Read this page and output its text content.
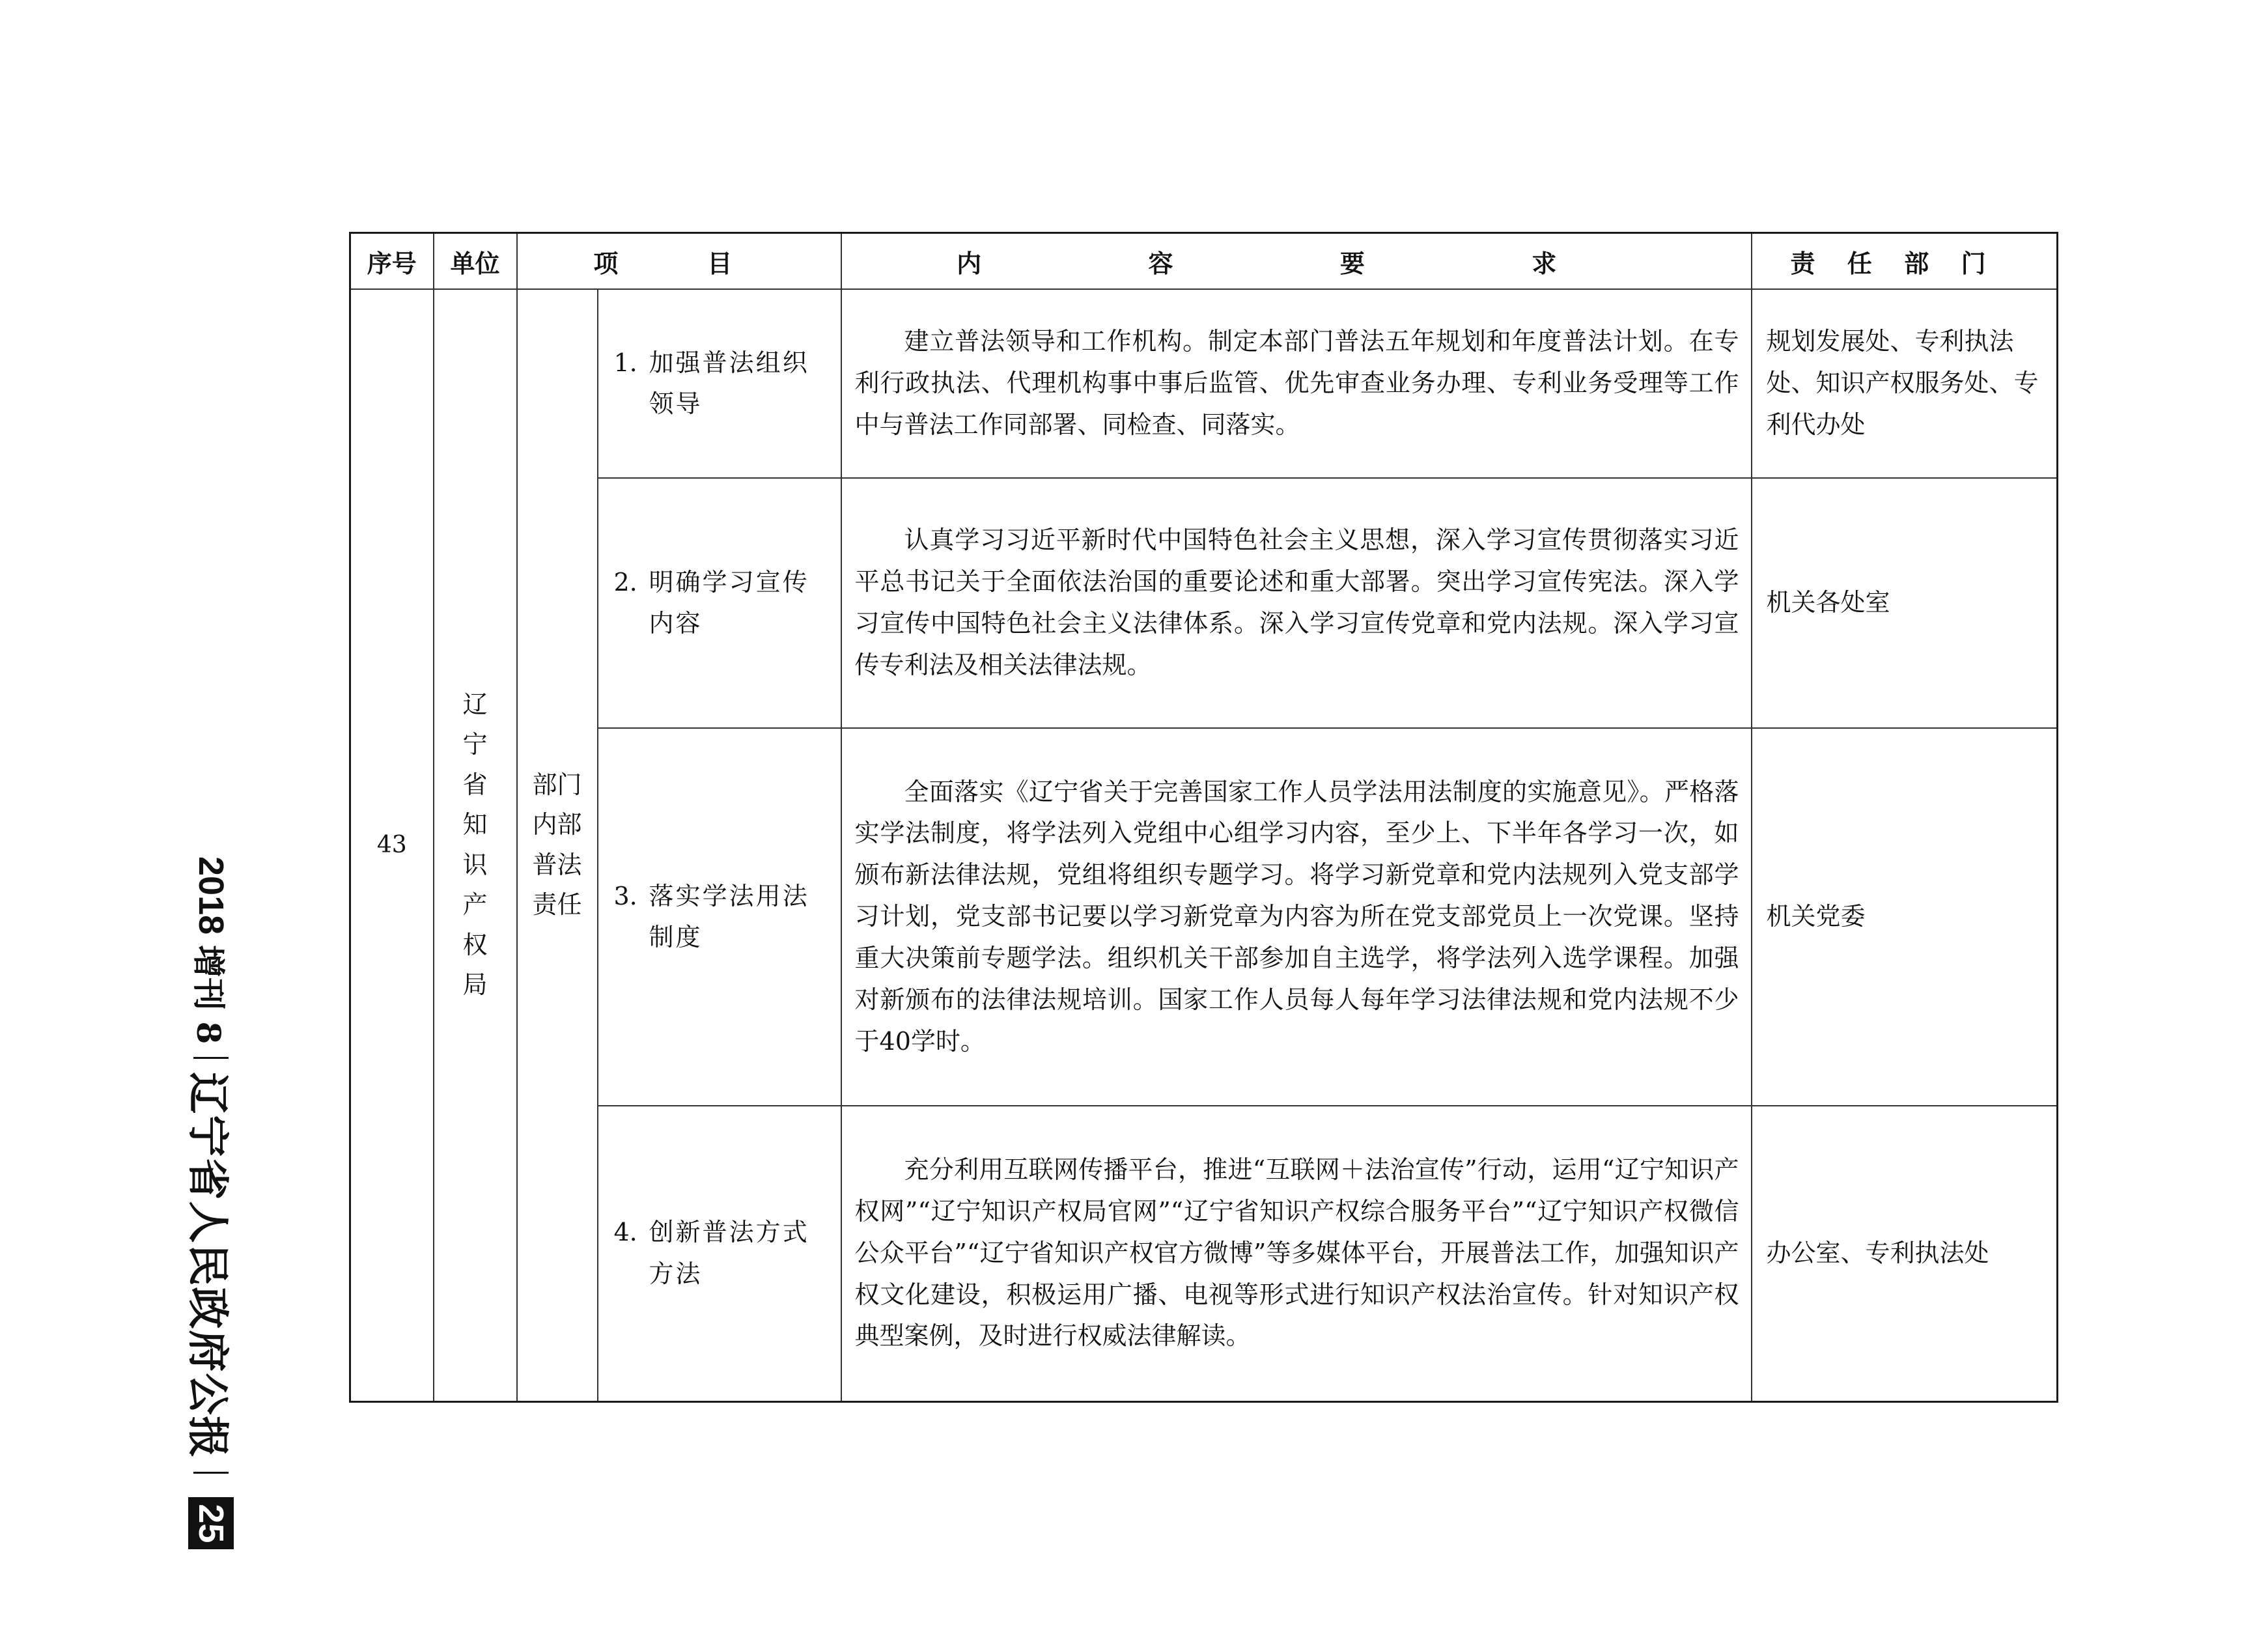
序号	单位	项　目		内 容 要 求	责任部门
43	辽宁省知识产权局	部门内部普法责任	1. 加强普法组织领导	建立普法领导和工作机构。制定本部门普法五年规划和年度普法计划。在专利行政执法、代理机构事中事后监管、优先审查业务办理、专利业务受理等工作中与普法工作同部署、同检查、同落实。	规划发展处、专利执法处、知识产权服务处、专利代办处

			2. 明确学习宣传内容	认真学习习近平新时代中国特色社会主义思想，深入学习宣传贯彻落实习近平总书记关于全面依法治国的重要论述和重大部署。突出学习宣传宪法。深入学习宣传中国特色社会主义法律体系。深入学习宣传党章和党内法规。深入学习宣传专利法及相关法律法规。	机关各处室

			3. 落实学法用法制度	全面落实《辽宁省关于完善国家工作人员学法用法制度的实施意见》。严格落实学法制度，将学法列入党组中心组学习内容，至少上、下半年各学习一次，如颁布新法律法规，党组将组织专题学习。将学习新党章和党内法规列入党支部学习计划，党支部书记要以学习新党章为内容为所在党支部党员上一次党课。坚持重大决策前专题学法。组织机关干部参加自主选学，将学法列入选学课程。加强对新颁布的法律法规培训。国家工作人员每人每年学习法律法规和党内法规不少于40学时。	机关党委

			4. 创新普法方式方法	充分利用互联网传播平台，推进“互联网＋法治宣传”行动，运用“辽宁知识产权网”“辽宁知识产权局官网”“辽宁省知识产权综合服务平台”“辽宁知识产权微信公众平台”“辽宁省知识产权官方微博”等多媒体平台，开展普法工作，加强知识产权文化建设，积极运用广播、电视等形式进行知识产权法治宣传。针对知识产权典型案例，及时进行权威法律解读。	办公室、专利执法处
2018
增刊 8
辽宁省人民政府公报
25
